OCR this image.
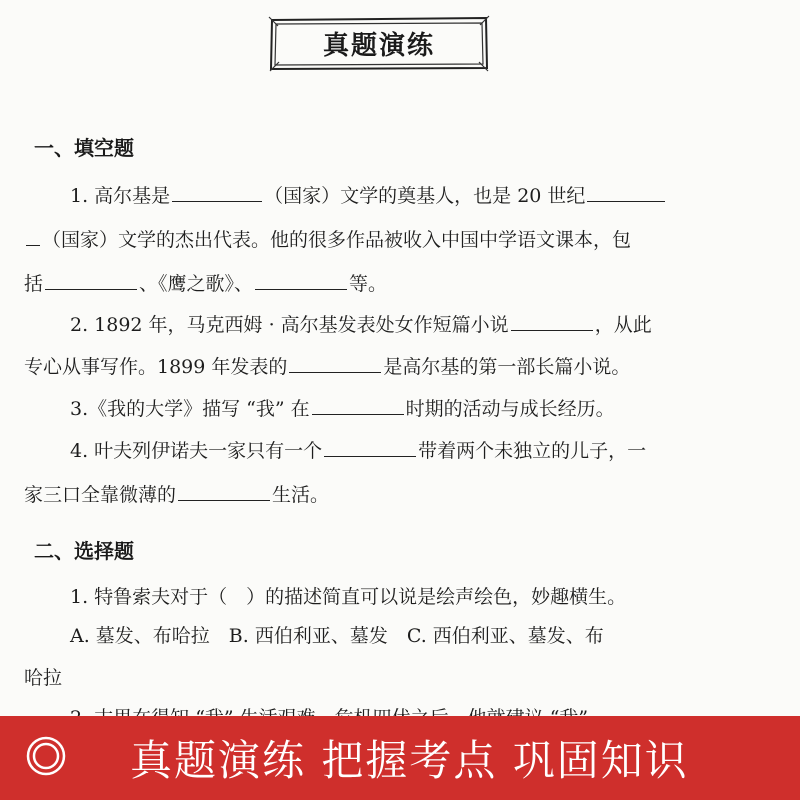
真题演练
一、填空题
1. 高尔基是	（国家）文学的奠基人，也是 20 世纪
（国家）文学的杰出代表。他的很多作品被收入中国中学语文课本，包
括	、《鹰之歌》、	等。
2. 1892 年，马克西姆 · 高尔基发表处女作短篇小说	，从此
专心从事写作。1899 年发表的	是高尔基的第一部长篇小说。
3.《我的大学》描写 “我” 在	时期的活动与成长经历。
4. 叶夫列伊诺夫一家只有一个	带着两个未独立的儿子，一
家三口全靠微薄的	生活。
二、选择题
1. 特鲁索夫对于（　）的描述简直可以说是绘声绘色，妙趣横生。
A. 墓发、布哈拉　B. 西伯利亚、墓发　C. 西伯利亚、墓发、布
哈拉
真题演练 把握考点 巩固知识
